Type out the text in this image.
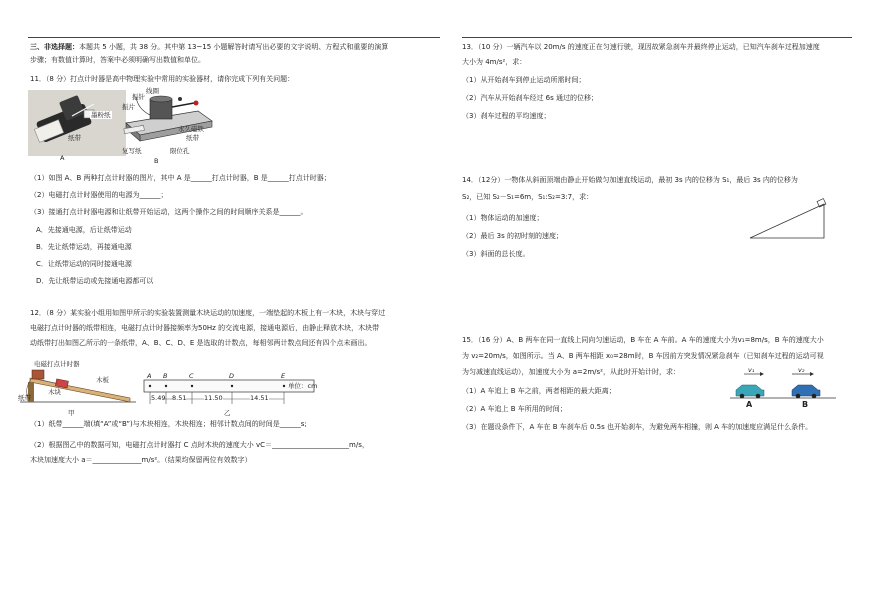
三、非选择题：本题共 5 小题，共 38 分。其中第 13~15 小题解答时请写出必要的文字说明、方程式和重要的演算
步骤；有数值计算时，答案中必须明确写出数值和单位。
11．（8 分）打点计时器是高中物理实验中常用的实验器材，请你完成下列有关问题：
墨粉纸
纸带
A
线圈
振针
振片
永久磁铁
纸带
复写纸	限位孔
B
（1）如图 A、B 两种打点计时器的图片，其中 A 是______打点计时器，B 是______打点计时器；
（2）电磁打点计时器使用的电源为______；
（3）接通打点计时器电源和让纸带开始运动，这两个操作之间的时间顺序关系是______。
A．先接通电源，后让纸带运动
B．先让纸带运动，再接通电源
C．让纸带运动的同时接通电源
D．先让纸带运动或先接通电源都可以
12．（8 分）某实验小组用如图甲所示的实验装置测量木块运动的加速度，一端垫起的木板上有一木块，木块与穿过
电磁打点计时器的纸带相连，电磁打点计时器接频率为50Hz 的交流电源，接通电源后，由静止释放木块，木块带
动纸带打出如图乙所示的一条纸带，A、B、C、D、E 是选取的计数点，每相邻两计数点间还有四个点未画出。
电磁打点计时器
木板
纸带
木块
甲
A B	C	D	E
5.49 8.51	11.50	14.51
单位：cm
乙
（1）纸带______端(填“A”或“B”)与木块相连，木块相连；相邻计数点间的时间是______s;
（2）根据图乙中的数据可知，电磁打点计时器打 C 点时木块的速度大小 vC＝______________________m/s，
木块加速度大小 a＝______________m/s²。（结果均保留两位有效数字）
13．（10 分）一辆汽车以 20m/s 的速度正在匀速行驶，现因故紧急刹车并最终停止运动，已知汽车刹车过程加速度
大小为 4m/s²，求：
（1）从开始刹车到停止运动所需时间；
（2）汽车从开始刹车经过 6s 通过的位移；
（3）刹车过程的平均速度；
14．（12分）一物体从斜面顶端由静止开始做匀加速直线运动，最初 3s 内的位移为 S₁，最后 3s 内的位移为
S₂，已知 S₂－S₁=6m，S₁:S₂=3:7，求：
（1）物体运动的加速度；
（2）最后 3s 的初时刻的速度；
（3）斜面的总长度。
15．（16 分）A、B 两车在同一直线上同向匀速运动，B 车在 A 车前。A 车的速度大小为v₁=8m/s，B 车的速度大小
为 v₂=20m/s，如图所示。当 A、B 两车相距 x₀=28m时，B 车因前方突发情况紧急刹车（已知刹车过程的运动可视
为匀减速直线运动），加速度大小为 a=2m/s²，从此时开始计时，求：
（1）A 车追上 B 车之前，两者相距的最大距离；
（2）A 车追上 B 车所用的时间；
（3）在题设条件下，A 车在 B 车刹车后 0.5s 也开始刹车，为避免两车相撞，则 A 车的加速度应满足什么条件。
v₁	v₂
A	B
